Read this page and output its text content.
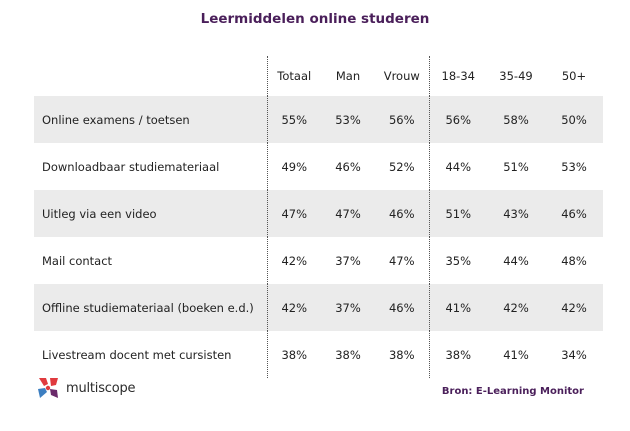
Leermiddelen online studeren
	Totaal	Man	Vrouw	18-34	35-49	50+
Online examens / toetsen	55%	53%	56%	56%	58%	50%
Downloadbaar studiemateriaal	49%	46%	52%	44%	51%	53%
Uitleg via een video	47%	47%	46%	51%	43%	46%
Mail contact	42%	37%	47%	35%	44%	48%
Offline studiemateriaal (boeken e.d.)	42%	37%	46%	41%	42%	42%
Livestream docent met cursisten	38%	38%	38%	38%	41%	34%
multiscope	Bron: E-Learning Monitor
